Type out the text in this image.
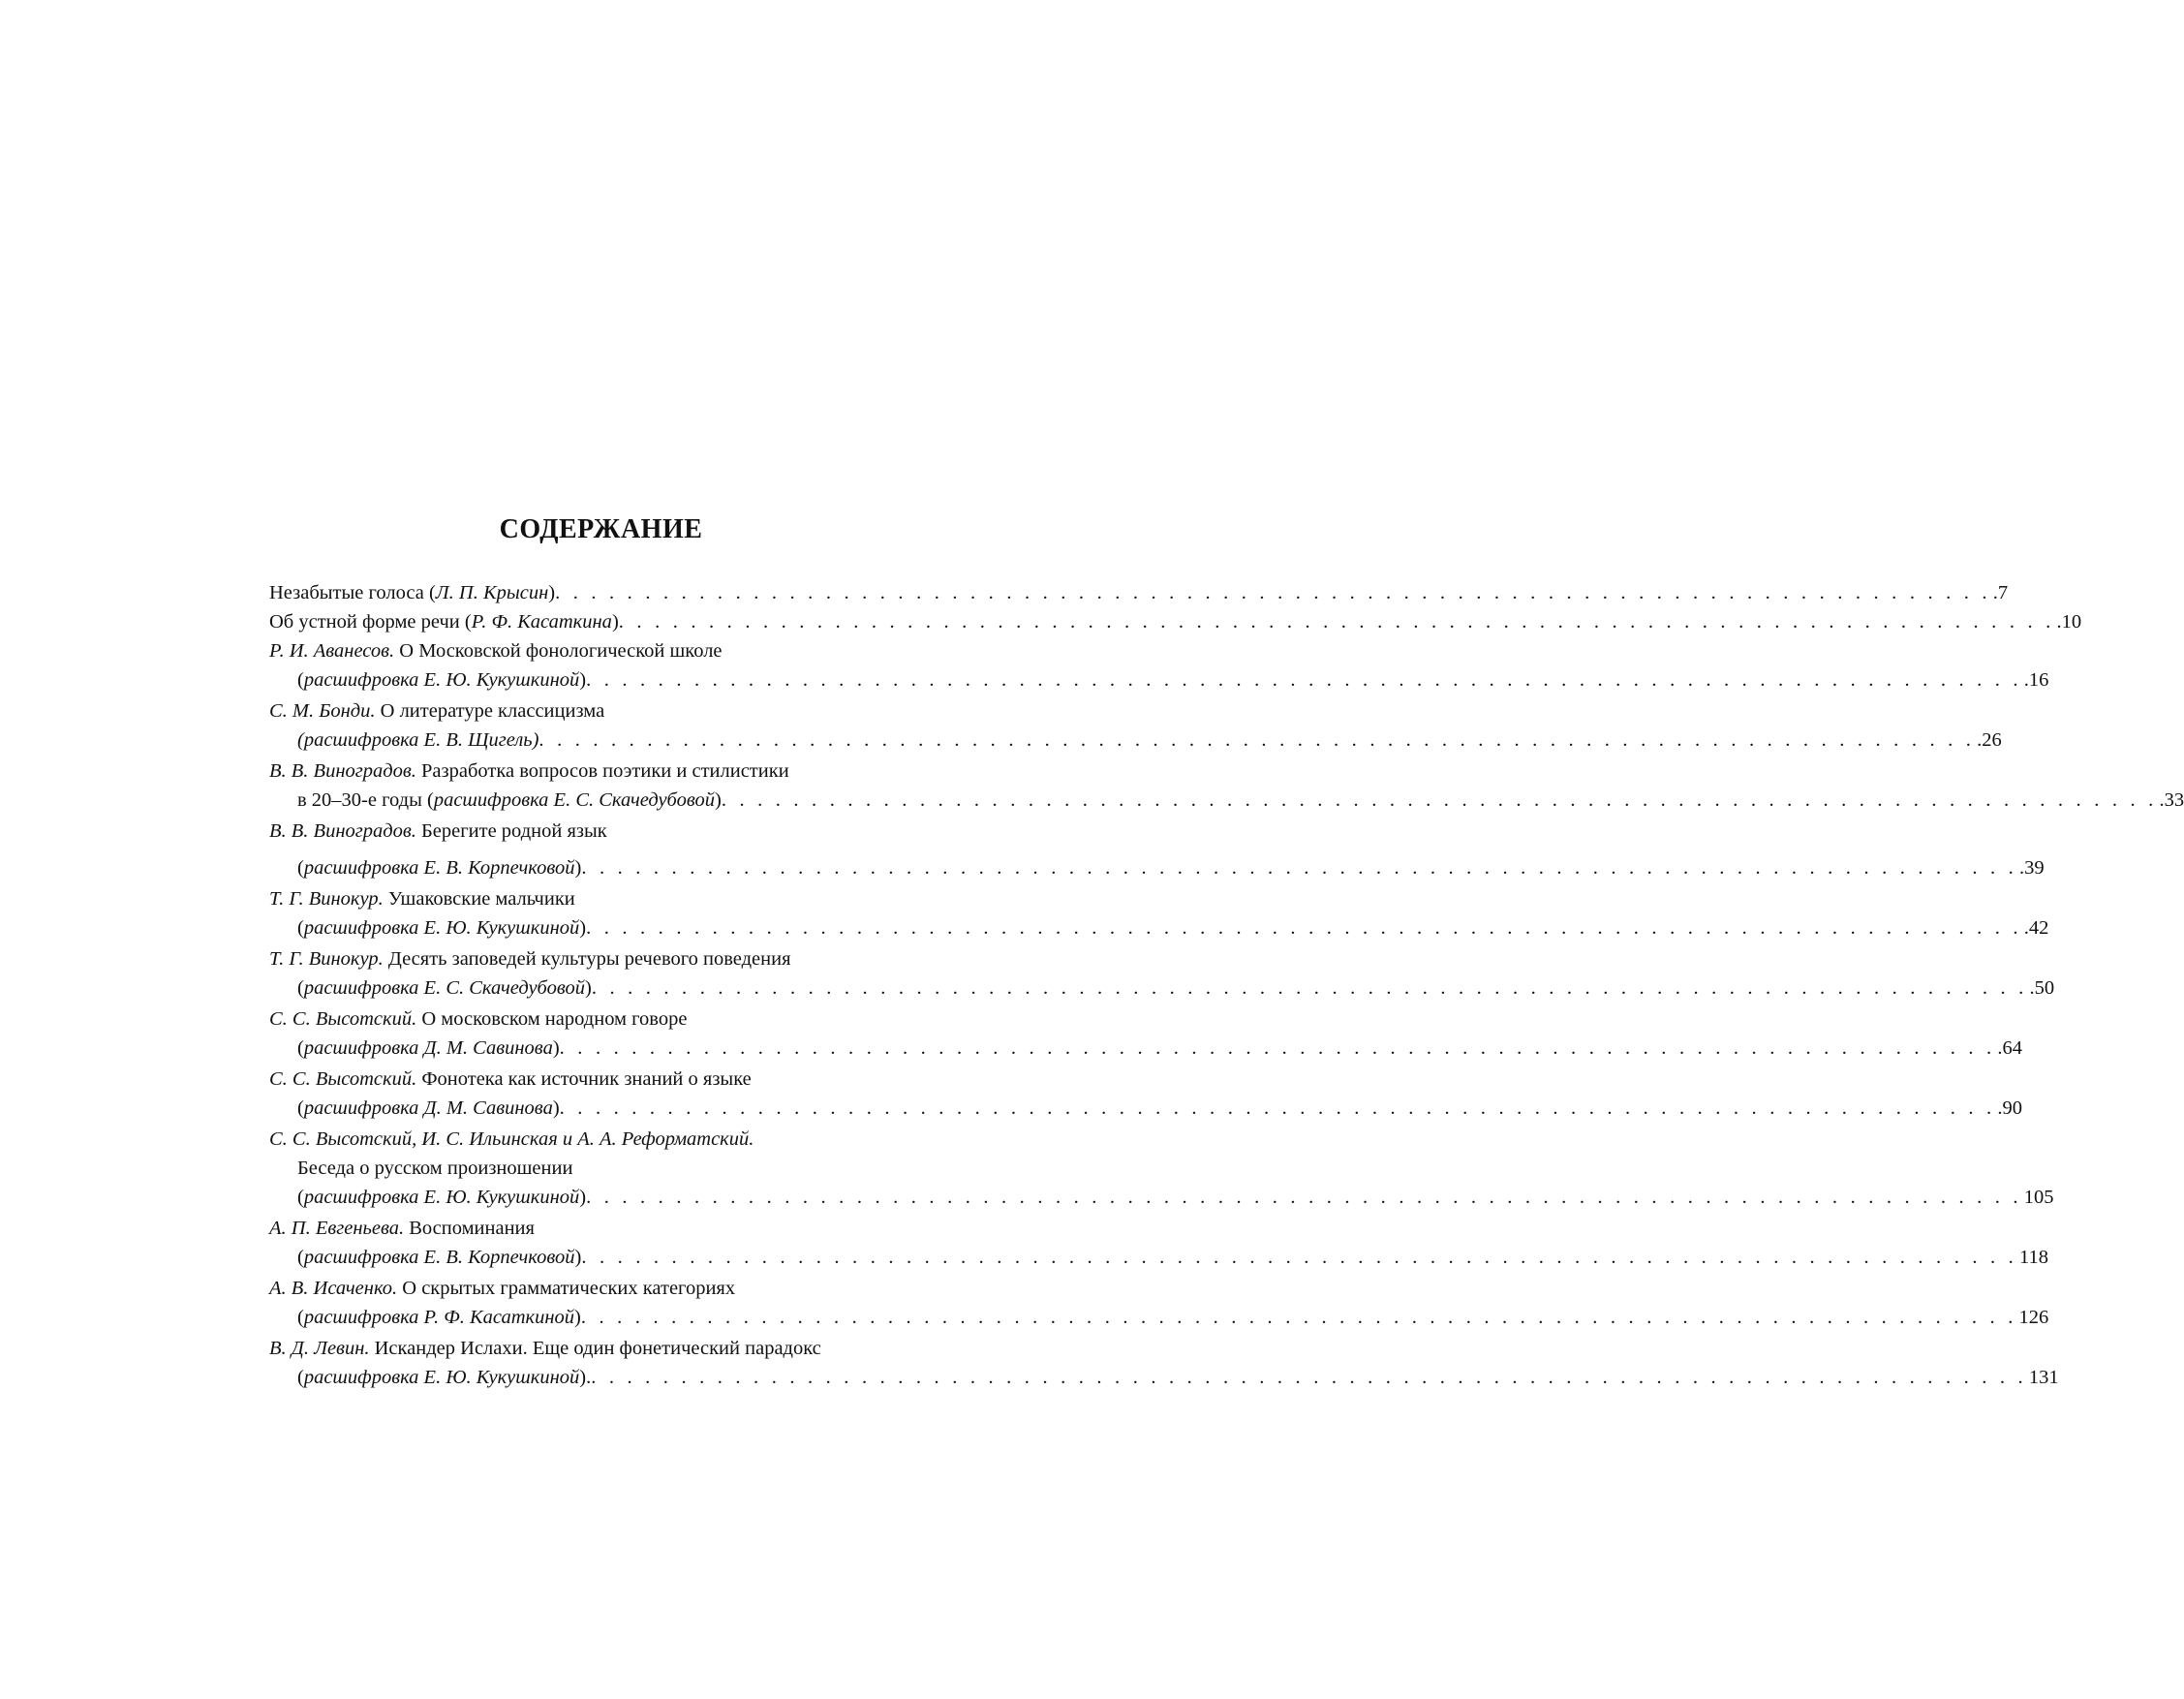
СОДЕРЖАНИЕ
Незабытые голоса (Л. П. Крысин) . . . . . . . . . . . . . . . . . . . . . . . . . . . . . . . . . . . . . . . . . . . . . . . . . . . . . . . . . . . . . . . . . . . . . . . . . . . . . . . . .7
Об устной форме речи (Р. Ф. Касаткина) . . . . . . . . . . . . . . . . . . . . . . . . . . . . . . . . . . . . . . . . . . . . . . . . . . . . . . . . . . . . . . . . . . . . . . . . . . . . . . . . .10
Р. И. Аванесов. О Московской фонологической школе
(расшифровка Е. Ю. Кукушкиной) . . . . . . . . . . . . . . . . . . . . . . . . . . . . . . . . . . . . . . . . . . . . . . . . . . . . . . . . . . . . . . . . . . . . . . . . . . . . . . . . .16
С. М. Бонди. О литературе классицизма
(расшифровка Е. В. Щигель) . . . . . . . . . . . . . . . . . . . . . . . . . . . . . . . . . . . . . . . . . . . . . . . . . . . . . . . . . . . . . . . . . . . . . . . . . . . . . . . . .26
В. В. Виноградов. Разработка вопросов поэтики и стилистики
в 20–30-е годы (расшифровка Е. С. Скачедубовой) . . . . . . . . . . . . . . . . . . . . . . . . . . . . . . . . . . . . . . . . . . . . . . . . . . . . . . . . . . . . . . . . . . . . . . . . . . . . . . . . .33
В. В. Виноградов. Берегите родной язык
(расшифровка Е. В. Корпечковой) . . . . . . . . . . . . . . . . . . . . . . . . . . . . . . . . . . . . . . . . . . . . . . . . . . . . . . . . . . . . . . . . . . . . . . . . . . . . . . . . .39
Т. Г. Винокур. Ушаковские мальчики
(расшифровка Е. Ю. Кукушкиной) . . . . . . . . . . . . . . . . . . . . . . . . . . . . . . . . . . . . . . . . . . . . . . . . . . . . . . . . . . . . . . . . . . . . . . . . . . . . . . . . .42
Т. Г. Винокур. Десять заповедей культуры речевого поведения
(расшифровка Е. С. Скачедубовой) . . . . . . . . . . . . . . . . . . . . . . . . . . . . . . . . . . . . . . . . . . . . . . . . . . . . . . . . . . . . . . . . . . . . . . . . . . . . . . . . .50
С. С. Высотский. О московском народном говоре
(расшифровка Д. М. Савинова) . . . . . . . . . . . . . . . . . . . . . . . . . . . . . . . . . . . . . . . . . . . . . . . . . . . . . . . . . . . . . . . . . . . . . . . . . . . . . . . . .64
С. С. Высотский. Фонотека как источник знаний о языке
(расшифровка Д. М. Савинова) . . . . . . . . . . . . . . . . . . . . . . . . . . . . . . . . . . . . . . . . . . . . . . . . . . . . . . . . . . . . . . . . . . . . . . . . . . . . . . . . .90
С. С. Высотский, И. С. Ильинская и А. А. Реформатский.
Беседа о русском произношении
(расшифровка Е. Ю. Кукушкиной) . . . . . . . . . . . . . . . . . . . . . . . . . . . . . . . . . . . . . . . . . . . . . . . . . . . . . . . . . . . . . . . . . . . . . . . . . . . . . . . . 105
А. П. Евгеньева. Воспоминания
(расшифровка Е. В. Корпечковой) . . . . . . . . . . . . . . . . . . . . . . . . . . . . . . . . . . . . . . . . . . . . . . . . . . . . . . . . . . . . . . . . . . . . . . . . . . . . . . . . 118
А. В. Исаченко. О скрытых грамматических категориях
(расшифровка Р. Ф. Касаткиной) . . . . . . . . . . . . . . . . . . . . . . . . . . . . . . . . . . . . . . . . . . . . . . . . . . . . . . . . . . . . . . . . . . . . . . . . . . . . . . . . 126
В. Д. Левин. Искандер Ислахи. Еще один фонетический парадокс
(расшифровка Е. Ю. Кукушкиной). . . . . . . . . . . . . . . . . . . . . . . . . . . . . . . . . . . . . . . . . . . . . . . . . . . . . . . . . . . . . . . . . . . . . . . . . . . . . . . . . 131
